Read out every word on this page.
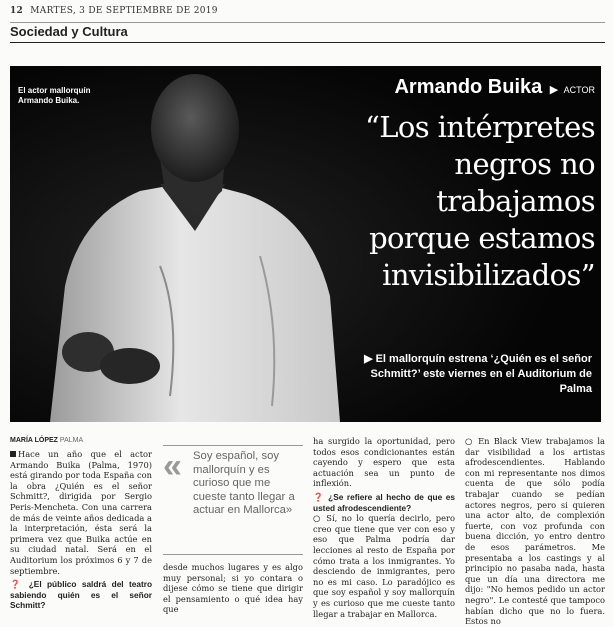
12 MARTES, 3 DE SEPTIEMBRE DE 2019
Sociedad y Cultura
El actor mallorquín Armando Buika.
Armando Buika ▶ ACTOR
“Los intérpretes negros no trabajamos porque estamos invisibilizados”
▶ El mallorquín estrena ‘¿Quién es el señor Schmitt?’ este viernes en el Auditorium de Palma
MARÍA LÓPEZ PALMA

Hace un año que el actor Armando Buika (Palma, 1970) está girando por toda España con la obra ¿Quién es el señor Schmitt?, dirigida por Sergio Peris-Mencheta. Con una carrera de más de veinte años dedicada a la interpretación, ésta será la primera vez que Buika actúe en su ciudad natal. Será en el Auditorium los próximos 6 y 7 de septiembre.

❓ ¿El público saldrá del teatro sabiendo quién es el señor Schmitt?

« Soy español, soy mallorquín y es curioso que me cueste tanto llegar a actuar en Mallorca»

desde muchos lugares y es algo muy personal; si yo contara o dijese cómo se tiene que dirigir el pensamiento o qué idea hay que

ha surgido la oportunidad, pero todos esos condicionantes están cayendo y espero que esta actuación sea un punto de inflexión.

❓ ¿Se refiere al hecho de que es usted afrodescendiente?

○ Sí, no lo quería decirlo, pero creo que tiene que ver con eso y eso que Palma podría dar lecciones al resto de España por cómo trata a los inmigrantes. Yo desciendo de inmigrantes, pero no es mi caso. Lo paradójico es que soy español y soy mallorquín y es curioso que me cueste tanto llegar a trabajar en Mallorca.

○ En Black View trabajamos la dar visibilidad a los artistas afrodescendientes. Hablando con mi representante nos dimos cuenta de que sólo podía trabajar cuando se pedían actores negros, pero si quieren una actor alto, de complexión fuerte, con voz profunda con buena dicción, yo entro dentro de esos parámetros. Me presentaba a los castings y al principio no pasaba nada, hasta que un día una directora me dijo: "No hemos pedido un actor negro". Le contesté que tampoco habían dicho que no lo fuera. Estos no
